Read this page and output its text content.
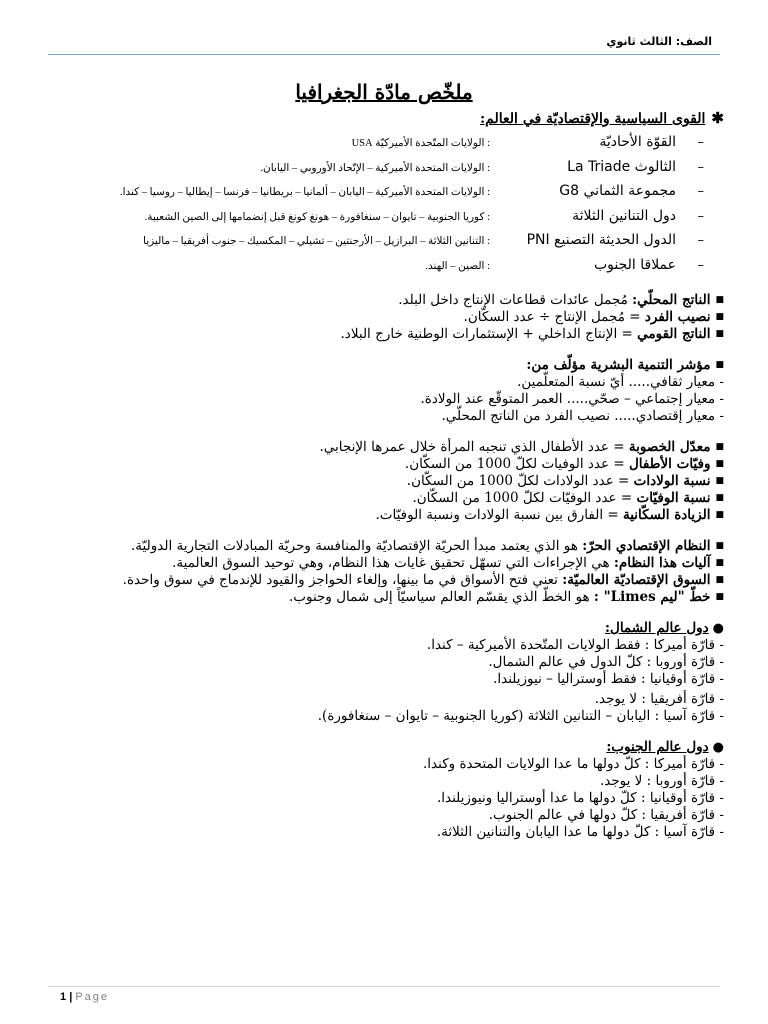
الصف: الثالث ثانوي
ملخّص مادّة الجغرافيا
✱القوى السياسية والإقتصاديّة في العالم:
–
القوّة الأحاديّة
: الولايات المتّحدة الأميركيّة USA
–
الثالوث La Triade
: الولايات المتحدة الأميركية – الإتّحاد الأوروبي – اليابان.
–
مجموعة الثماني G8
: الولايات المتحدة الأميركية – اليابان – ألمانيا – بريطانيا – فرنسا – إيطاليا – روسيا – كندا.
–
دول التنانين الثلاثة
: كوريا الجنوبية – تايوان – سنغافورة – هونغ كونغ قبل إنضمامها إلى الصين الشعبية.
–
الدول الحديثة التصنيع PNI
: التنانين الثلاثة – البرازيل – الأرجنتين – تشيلي – المكسيك – جنوب أفريقيا – ماليزيا
–
عملاقا الجنوب
: الصين – الهند.
■الناتج المحلّي: مُجمل عائدات قطاعات الإنتاج داخل البلد.
■نصيب الفرد = مُجمل الإنتاج ÷ عدد السكّان.
■الناتج القومي = الإنتاج الداخلي + الإستثمارات الوطنية خارج البلاد.
■مؤشر التنمية البشرية مؤلّف من:
- معيار ثقافي..... أيّ نسبة المتعلّمين.
- معيار إجتماعي – صحّي..... العمر المتوقّع عند الولادة.
- معيار إقتصادي..... نصيب الفرد من الناتج المحلّي.
■معدّل الخصوبة = عدد الأطفال الذي تنجبه المرأة خلال عمرها الإنجابي.
■وفيّات الأطفال = عدد الوفيات لكلّ 1000 من السكّان.
■نسبة الولادات = عدد الولادات لكلّ 1000 من السكّان.
■نسبة الوفيّات = عدد الوفيّات لكلّ 1000 من السكّان.
■الزيادة السكّانية = الفارق بين نسبة الولادات ونسبة الوفيّات.
■النظام الإقتصادي الحرّ: هو الذي يعتمد مبدأ الحريّة الإقتصاديّة والمنافسة وحريّة المبادلات التجارية الدوليّة.
■آليات هذا النظام: هي الإجراءات التي تسهّل تحقيق غايات هذا النظام، وهي توحيد السوق العالمية.
■السوق الإقتصاديّة العالميّة: تعني فتح الأسواق في ما بينها، وإلغاء الحواجز والقيود للإندماج في سوق واحدة.
■خطّ "ليم Limes" : هو الخطّ الذي يقسّم العالم سياسيّاً إلى شمال وجنوب.
●دول عالم الشمال:
- قارّة أميركا : فقط الولايات المتّحدة الأميركية – كندا.
- قارّة أوروبا : كلّ الدول في عالم الشمال.
- قارّة أوقيانيا : فقط أوستراليا – نيوزيلندا.
- قارّة أفريقيا : لا يوجد.
- قارّة آسيا : اليابان – التنانين الثلاثة (كوريا الجنوبية – تايوان – سنغافورة).
●دول عالم الجنوب:
- قارّة أميركا : كلّ دولها ما عدا الولايات المتحدة وكندا.
- قارّة أوروبا : لا يوجد.
- قارّة أوقيانيا : كلّ دولها ما عدا أوستراليا ونيوزيلندا.
- قارّة أفريقيا : كلّ دولها في عالم الجنوب.
- قارّة آسيا : كلّ دولها ما عدا اليابان والتنانين الثلاثة.
1 | Page
